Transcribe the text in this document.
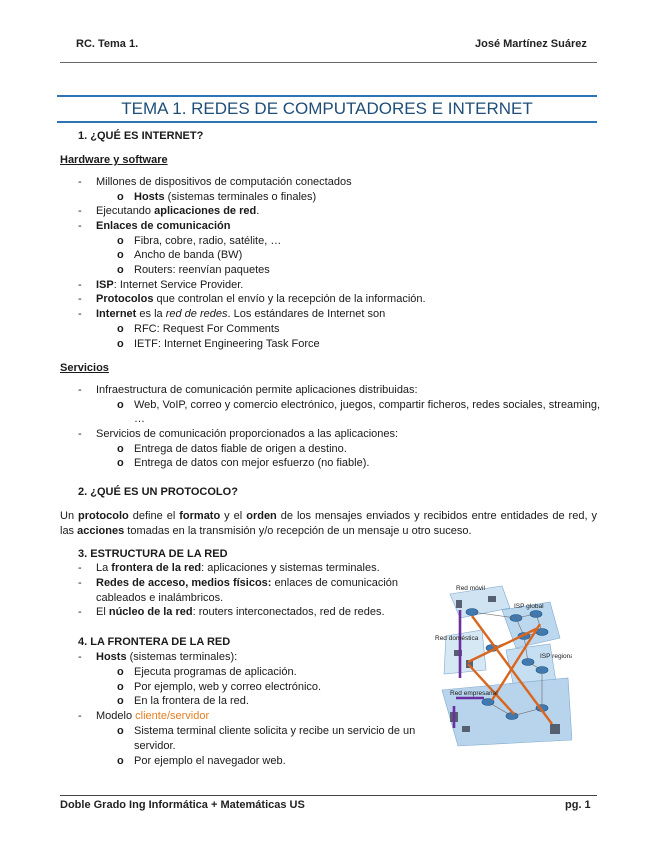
RC. Tema 1.	José Martínez Suárez
TEMA 1. REDES DE COMPUTADORES E INTERNET
1. ¿QUÉ ES INTERNET?
Hardware y software
- Millones de dispositivos de computación conectados
o Hosts (sistemas terminales o finales)
- Ejecutando aplicaciones de red.
- Enlaces de comunicación
o Fibra, cobre, radio, satélite, …
o Ancho de banda (BW)
o Routers: reenvían paquetes
- ISP: Internet Service Provider.
- Protocolos que controlan el envío y la recepción de la información.
- Internet es la red de redes. Los estándares de Internet son
o RFC: Request For Comments
o IETF: Internet Engineering Task Force
Servicios
- Infraestructura de comunicación permite aplicaciones distribuidas:
o Web, VoIP, correo y comercio electrónico, juegos, compartir ficheros, redes sociales, streaming,
…
- Servicios de comunicación proporcionados a las aplicaciones:
o Entrega de datos fiable de origen a destino.
o Entrega de datos con mejor esfuerzo (no fiable).
2. ¿QUÉ ES UN PROTOCOLO?
Un protocolo define el formato y el orden de los mensajes enviados y recibidos entre entidades de red, y las acciones tomadas en la transmisión y/o recepción de un mensaje u otro suceso.
3. ESTRUCTURA DE LA RED
- La frontera de la red: aplicaciones y sistemas terminales.
- Redes de acceso, medios físicos: enlaces de comunicación
cableados e inalámbricos.
- El núcleo de la red: routers interconectados, red de redes.
4. LA FRONTERA DE LA RED
- Hosts (sistemas terminales):
o Ejecuta programas de aplicación.
o Por ejemplo, web y correo electrónico.
o En la frontera de la red.
- Modelo cliente/servidor
o Sistema terminal cliente solicita y recibe un servicio de un
servidor.
o Por ejemplo el navegador web.
Red móvil
ISP global
Red doméstica
ISP regional
Red empresarial
Doble Grado Ing Informática + Matemáticas US	pg. 1
